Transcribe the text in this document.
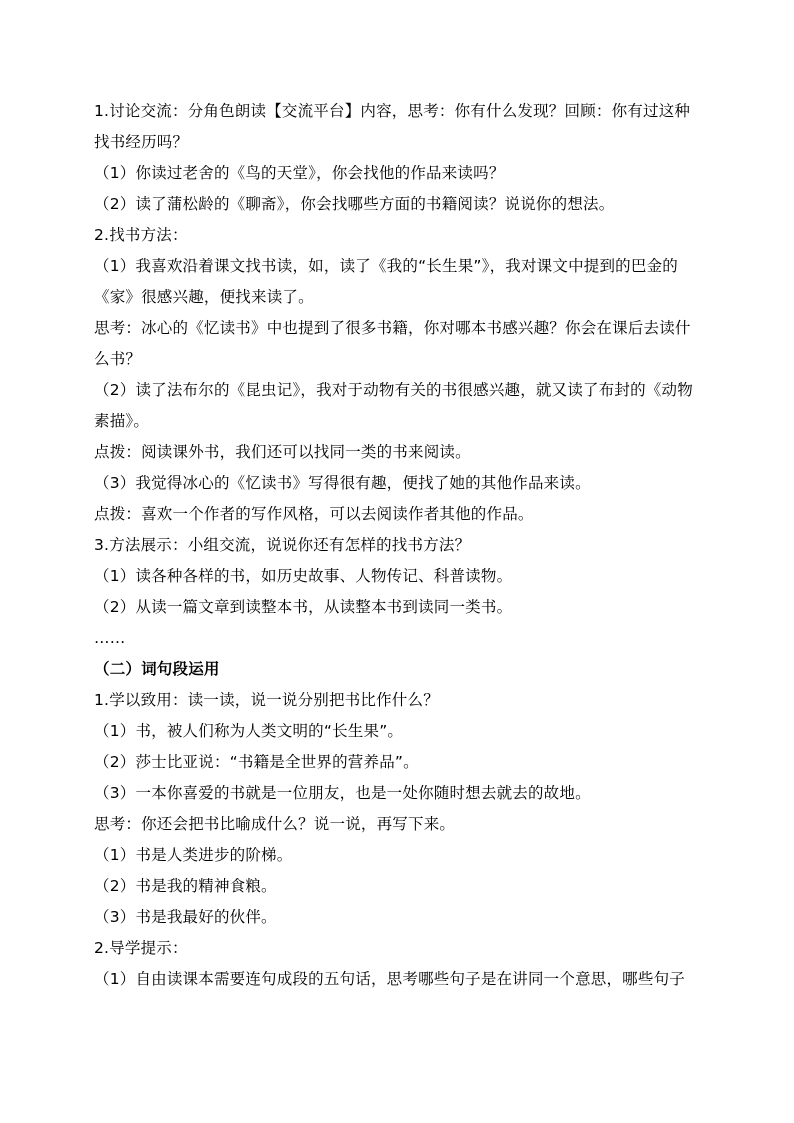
1.讨论交流：分角色朗读【交流平台】内容，思考：你有什么发现？回顾：你有过这种
找书经历吗？
（1）你读过老舍的《鸟的天堂》，你会找他的作品来读吗？
（2）读了蒲松龄的《聊斋》，你会找哪些方面的书籍阅读？说说你的想法。
2.找书方法：
（1）我喜欢沿着课文找书读，如，读了《我的“长生果”》，我对课文中提到的巴金的
《家》很感兴趣，便找来读了。
思考：冰心的《忆读书》中也提到了很多书籍，你对哪本书感兴趣？你会在课后去读什
么书？
（2）读了法布尔的《昆虫记》，我对于动物有关的书很感兴趣，就又读了布封的《动物
素描》。
点拨：阅读课外书，我们还可以找同一类的书来阅读。
（3）我觉得冰心的《忆读书》写得很有趣，便找了她的其他作品来读。
点拨：喜欢一个作者的写作风格，可以去阅读作者其他的作品。
3.方法展示：小组交流，说说你还有怎样的找书方法？
（1）读各种各样的书，如历史故事、人物传记、科普读物。
（2）从读一篇文章到读整本书，从读整本书到读同一类书。
……
（二）词句段运用
1.学以致用：读一读，说一说分别把书比作什么？
（1）书，被人们称为人类文明的“长生果”。
（2）莎士比亚说：“书籍是全世界的营养品”。
（3）一本你喜爱的书就是一位朋友，也是一处你随时想去就去的故地。
思考：你还会把书比喻成什么？说一说，再写下来。
（1）书是人类进步的阶梯。
（2）书是我的精神食粮。
（3）书是我最好的伙伴。
2.导学提示：
（1）自由读课本需要连句成段的五句话，思考哪些句子是在讲同一个意思，哪些句子
